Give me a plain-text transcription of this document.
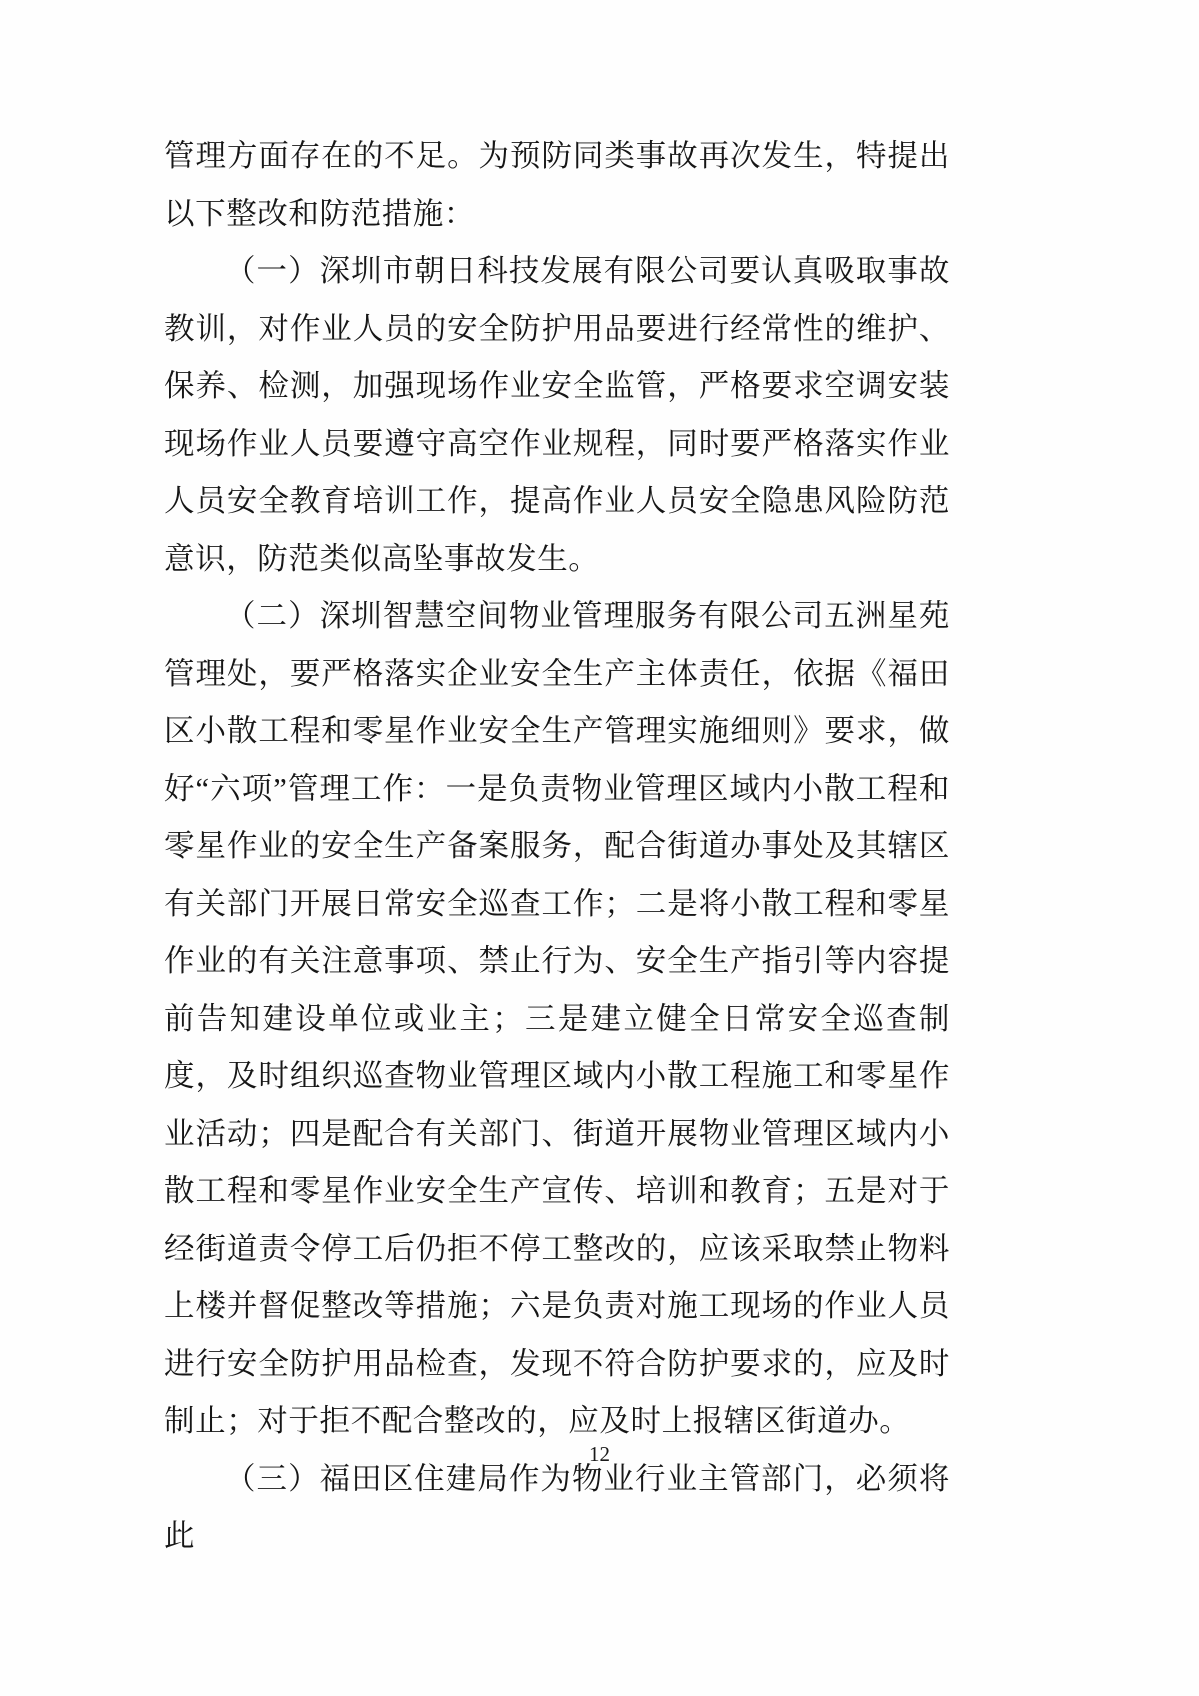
管理方面存在的不足。为预防同类事故再次发生，特提出以下整改和防范措施：

（一）深圳市朝日科技发展有限公司要认真吸取事故教训，对作业人员的安全防护用品要进行经常性的维护、保养、检测，加强现场作业安全监管，严格要求空调安装现场作业人员要遵守高空作业规程，同时要严格落实作业人员安全教育培训工作，提高作业人员安全隐患风险防范意识，防范类似高坠事故发生。

（二）深圳智慧空间物业管理服务有限公司五洲星苑管理处，要严格落实企业安全生产主体责任，依据《福田区小散工程和零星作业安全生产管理实施细则》要求，做好“六项”管理工作：一是负责物业管理区域内小散工程和零星作业的安全生产备案服务，配合街道办事处及其辖区有关部门开展日常安全巡查工作；二是将小散工程和零星作业的有关注意事项、禁止行为、安全生产指引等内容提前告知建设单位或业主；三是建立健全日常安全巡查制度，及时组织巡查物业管理区域内小散工程施工和零星作业活动；四是配合有关部门、街道开展物业管理区域内小散工程和零星作业安全生产宣传、培训和教育；五是对于经街道责令停工后仍拒不停工整改的，应该采取禁止物料上楼并督促整改等措施；六是负责对施工现场的作业人员进行安全防护用品检查，发现不符合防护要求的，应及时制止；对于拒不配合整改的，应及时上报辖区街道办。

（三）福田区住建局作为物业行业主管部门，必须将此

12
